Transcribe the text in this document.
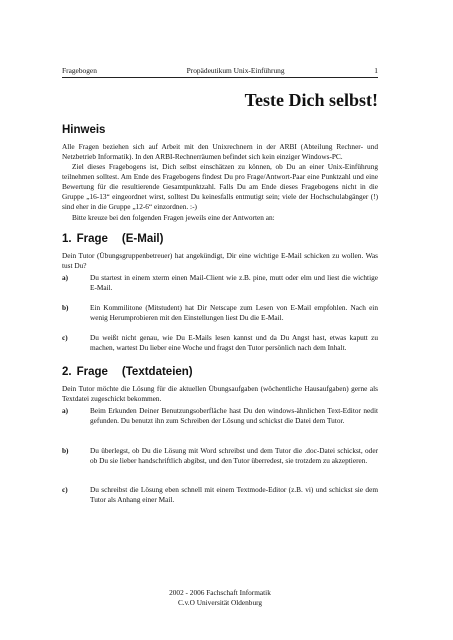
Fragebogen	Propädeutikum Unix-Einführung	1
Teste Dich selbst!
Hinweis

Alle Fragen beziehen sich auf Arbeit mit den Unixrechnern in der ARBI (Abteilung Rechner- und Netzbetrieb Informatik). In den ARBI-Rechnerräumen befindet sich kein einziger Windows-PC.

Ziel dieses Fragebogens ist, Dich selbst einschätzen zu können, ob Du an einer Unix-Einführung teilnehmen solltest. Am Ende des Fragebogens findest Du pro Frage/Antwort-Paar eine Punktzahl und eine Bewertung für die resultierende Gesamtpunktzahl. Falls Du am Ende dieses Fragebogens nicht in die Gruppe „16-13“ eingeordnet wirst, solltest Du keinesfalls entmutigt sein; viele der Hochschulabgänger (!) sind eher in die Gruppe „12-6“ einzordnen. :-)

Bitte kreuze bei den folgenden Fragen jeweils eine der Antworten an:

1. Frage (E-Mail)

Dein Tutor (Übungsgruppenbetreuer) hat angekündigt, Dir eine wichtige E-Mail schicken zu wollen. Was tust Du?

a)	Du startest in einem xterm einen Mail-Client wie z.B. pine, mutt oder elm und liest die wichtige E-Mail.
b)	Ein Kommilitone (Mitstudent) hat Dir Netscape zum Lesen von E-Mail empfohlen. Nach ein wenig Herumprobieren mit den Einstellungen liest Du die E-Mail.
c)	Du weißt nicht genau, wie Du E-Mails lesen kannst und da Du Angst hast, etwas kaputt zu machen, wartest Du lieber eine Woche und fragst den Tutor persönlich nach dem Inhalt.
2. Frage (Textdateien)

Dein Tutor möchte die Lösung für die aktuellen Übungsaufgaben (wöchentliche Hausaufgaben) gerne als Textdatei zugeschickt bekommen.

a)	Beim Erkunden Deiner Benutzungsoberfläche hast Du den windows-ähnlichen Text-Editor nedit gefunden. Du benutzt ihn zum Schreiben der Lösung und schickst die Datei dem Tutor.
b)	Du überlegst, ob Du die Lösung mit Word schreibst und dem Tutor die .doc-Datei schickst, oder ob Du sie lieber handschriftlich abgibst, und den Tutor überredest, sie trotzdem zu akzeptieren.
c)	Du schreibst die Lösung eben schnell mit einem Textmode-Editor (z.B. vi) und schickst sie dem Tutor als Anhang einer Mail.
2002 - 2006 Fachschaft Informatik
C.v.O Universität Oldenburg
